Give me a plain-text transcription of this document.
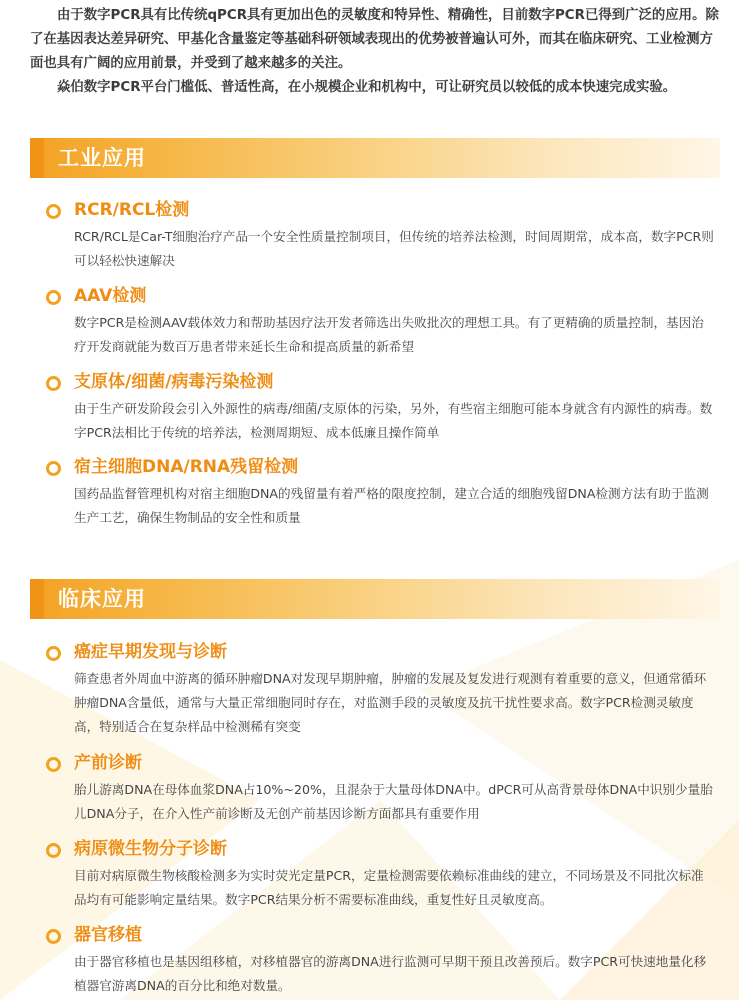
由于数字PCR具有比传统qPCR具有更加出色的灵敏度和特异性、精确性，目前数字PCR已得到广泛的应用。除了在基因表达差异研究、甲基化含量鉴定等基础科研领域表现出的优势被普遍认可外，而其在临床研究、工业检测方面也具有广阔的应用前景，并受到了越来越多的关注。

焱伯数字PCR平台门槛低、普适性高，在小规模企业和机构中，可让研究员以较低的成本快速完成实验。

工业应用
RCR/RCL检测

RCR/RCL是Car-T细胞治疗产品一个安全性质量控制项目，但传统的培养法检测，时间周期常，成本高，数字PCR则可以轻松快速解决

AAV检测

数字PCR是检测AAV载体效力和帮助基因疗法开发者筛选出失败批次的理想工具。有了更精确的质量控制，基因治疗开发商就能为数百万患者带来延长生命和提高质量的新希望

支原体/细菌/病毒污染检测

由于生产研发阶段会引入外源性的病毒/细菌/支原体的污染，另外，有些宿主细胞可能本身就含有内源性的病毒。数字PCR法相比于传统的培养法，检测周期短、成本低廉且操作简单

宿主细胞DNA/RNA残留检测

国药品监督管理机构对宿主细胞DNA的残留量有着严格的限度控制，建立合适的细胞残留DNA检测方法有助于监测生产工艺，确保生物制品的安全性和质量

临床应用
癌症早期发现与诊断

筛查患者外周血中游离的循环肿瘤DNA对发现早期肿瘤，肿瘤的发展及复发进行观测有着重要的意义，但通常循环肿瘤DNA含量低，通常与大量正常细胞同时存在，对监测手段的灵敏度及抗干扰性要求高。数字PCR检测灵敏度高，特别适合在复杂样品中检测稀有突变

产前诊断

胎儿游离DNA在母体血浆DNA占10%~20%，且混杂于大量母体DNA中。dPCR可从高背景母体DNA中识别少量胎儿DNA分子，在介入性产前诊断及无创产前基因诊断方面都具有重要作用

病原微生物分子诊断

目前对病原微生物核酸检测多为实时荧光定量PCR，定量检测需要依赖标准曲线的建立，不同场景及不同批次标准品均有可能影响定量结果。数字PCR结果分析不需要标准曲线，重复性好且灵敏度高。

器官移植

由于器官移植也是基因组移植，对移植器官的游离DNA进行监测可早期干预且改善预后。数字PCR可快速地量化移植器官游离DNA的百分比和绝对数量。
